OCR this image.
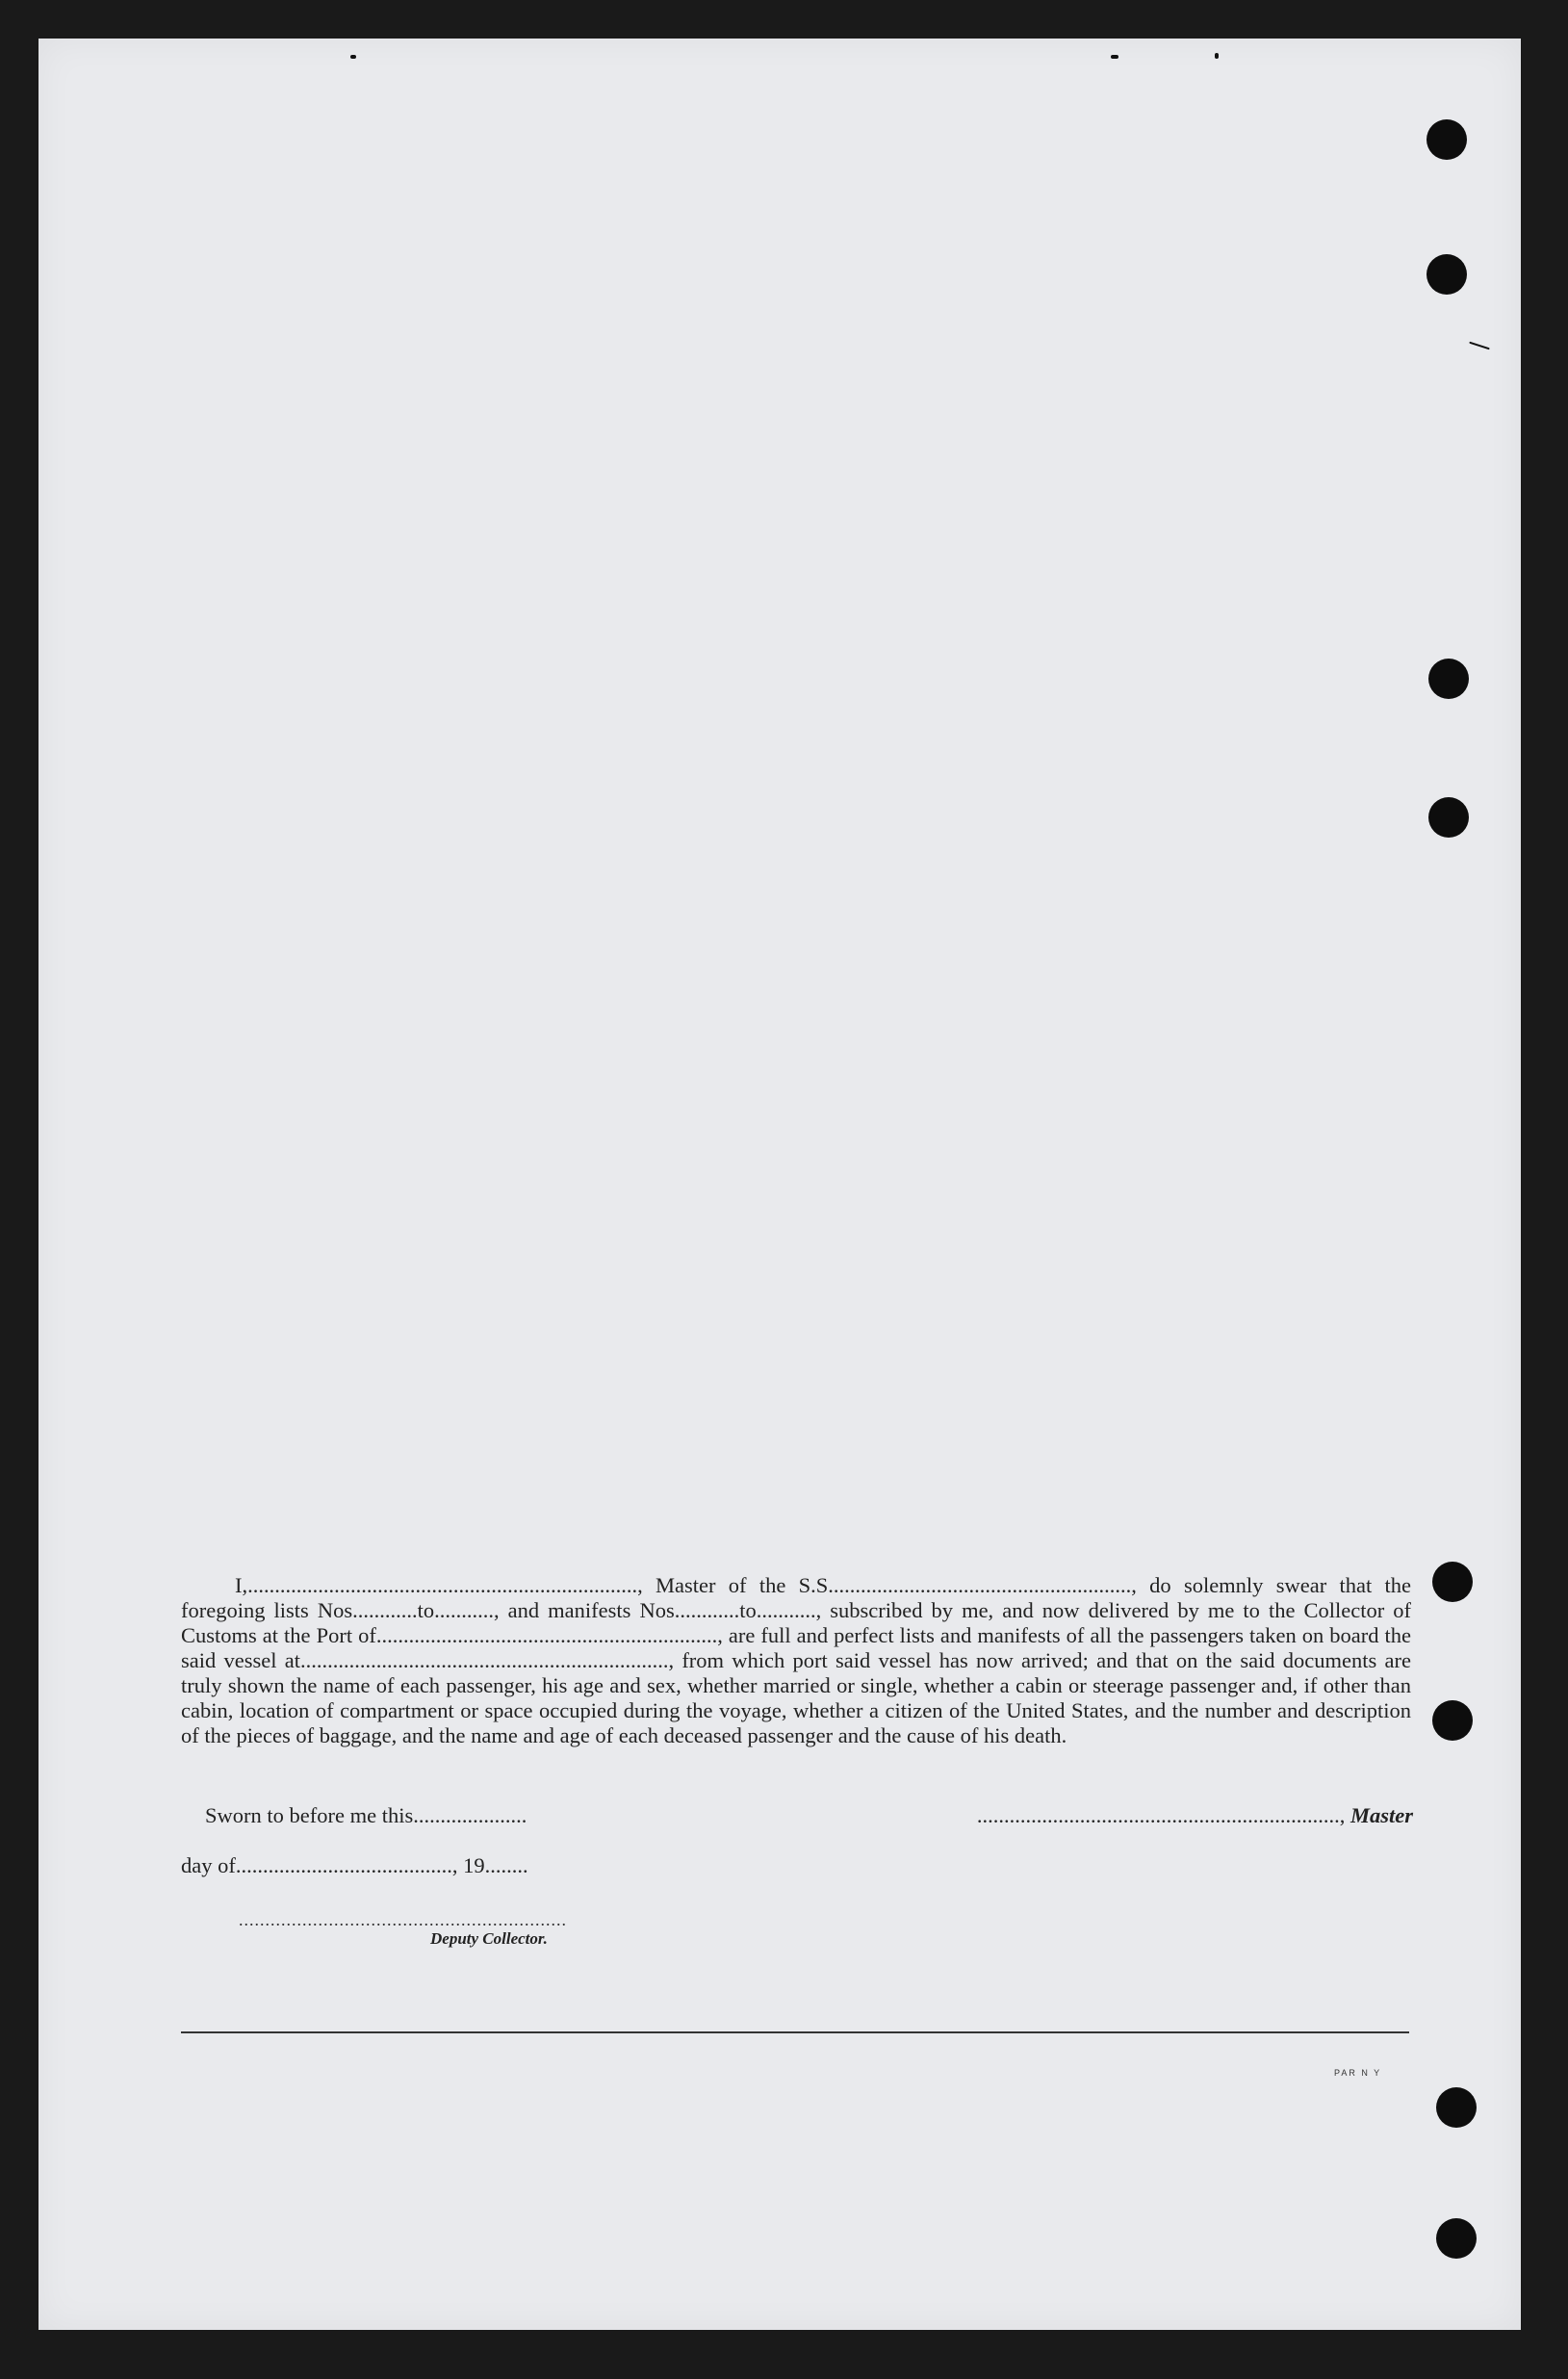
I,........................................................................, Master of the S.S........................................................, do solemnly swear that the foregoing lists Nos............to..........., and manifests Nos............to..........., subscribed by me, and now delivered by me to the Collector of Customs at the Port of..............................................................., are full and perfect lists and manifests of all the passengers taken on board the said vessel at...................................................................., from which port said vessel has now arrived; and that on the said documents are truly shown the name of each passenger, his age and sex, whether married or single, whether a cabin or steerage passenger and, if other than cabin, location of compartment or space occupied during the voyage, whether a citizen of the United States, and the number and description of the pieces of baggage, and the name and age of each deceased passenger and the cause of his death.

Sworn to before me this.....................	..................................................................., Master
day of........................................, 19........
..............................................................
Deputy Collector.
PAR N Y
